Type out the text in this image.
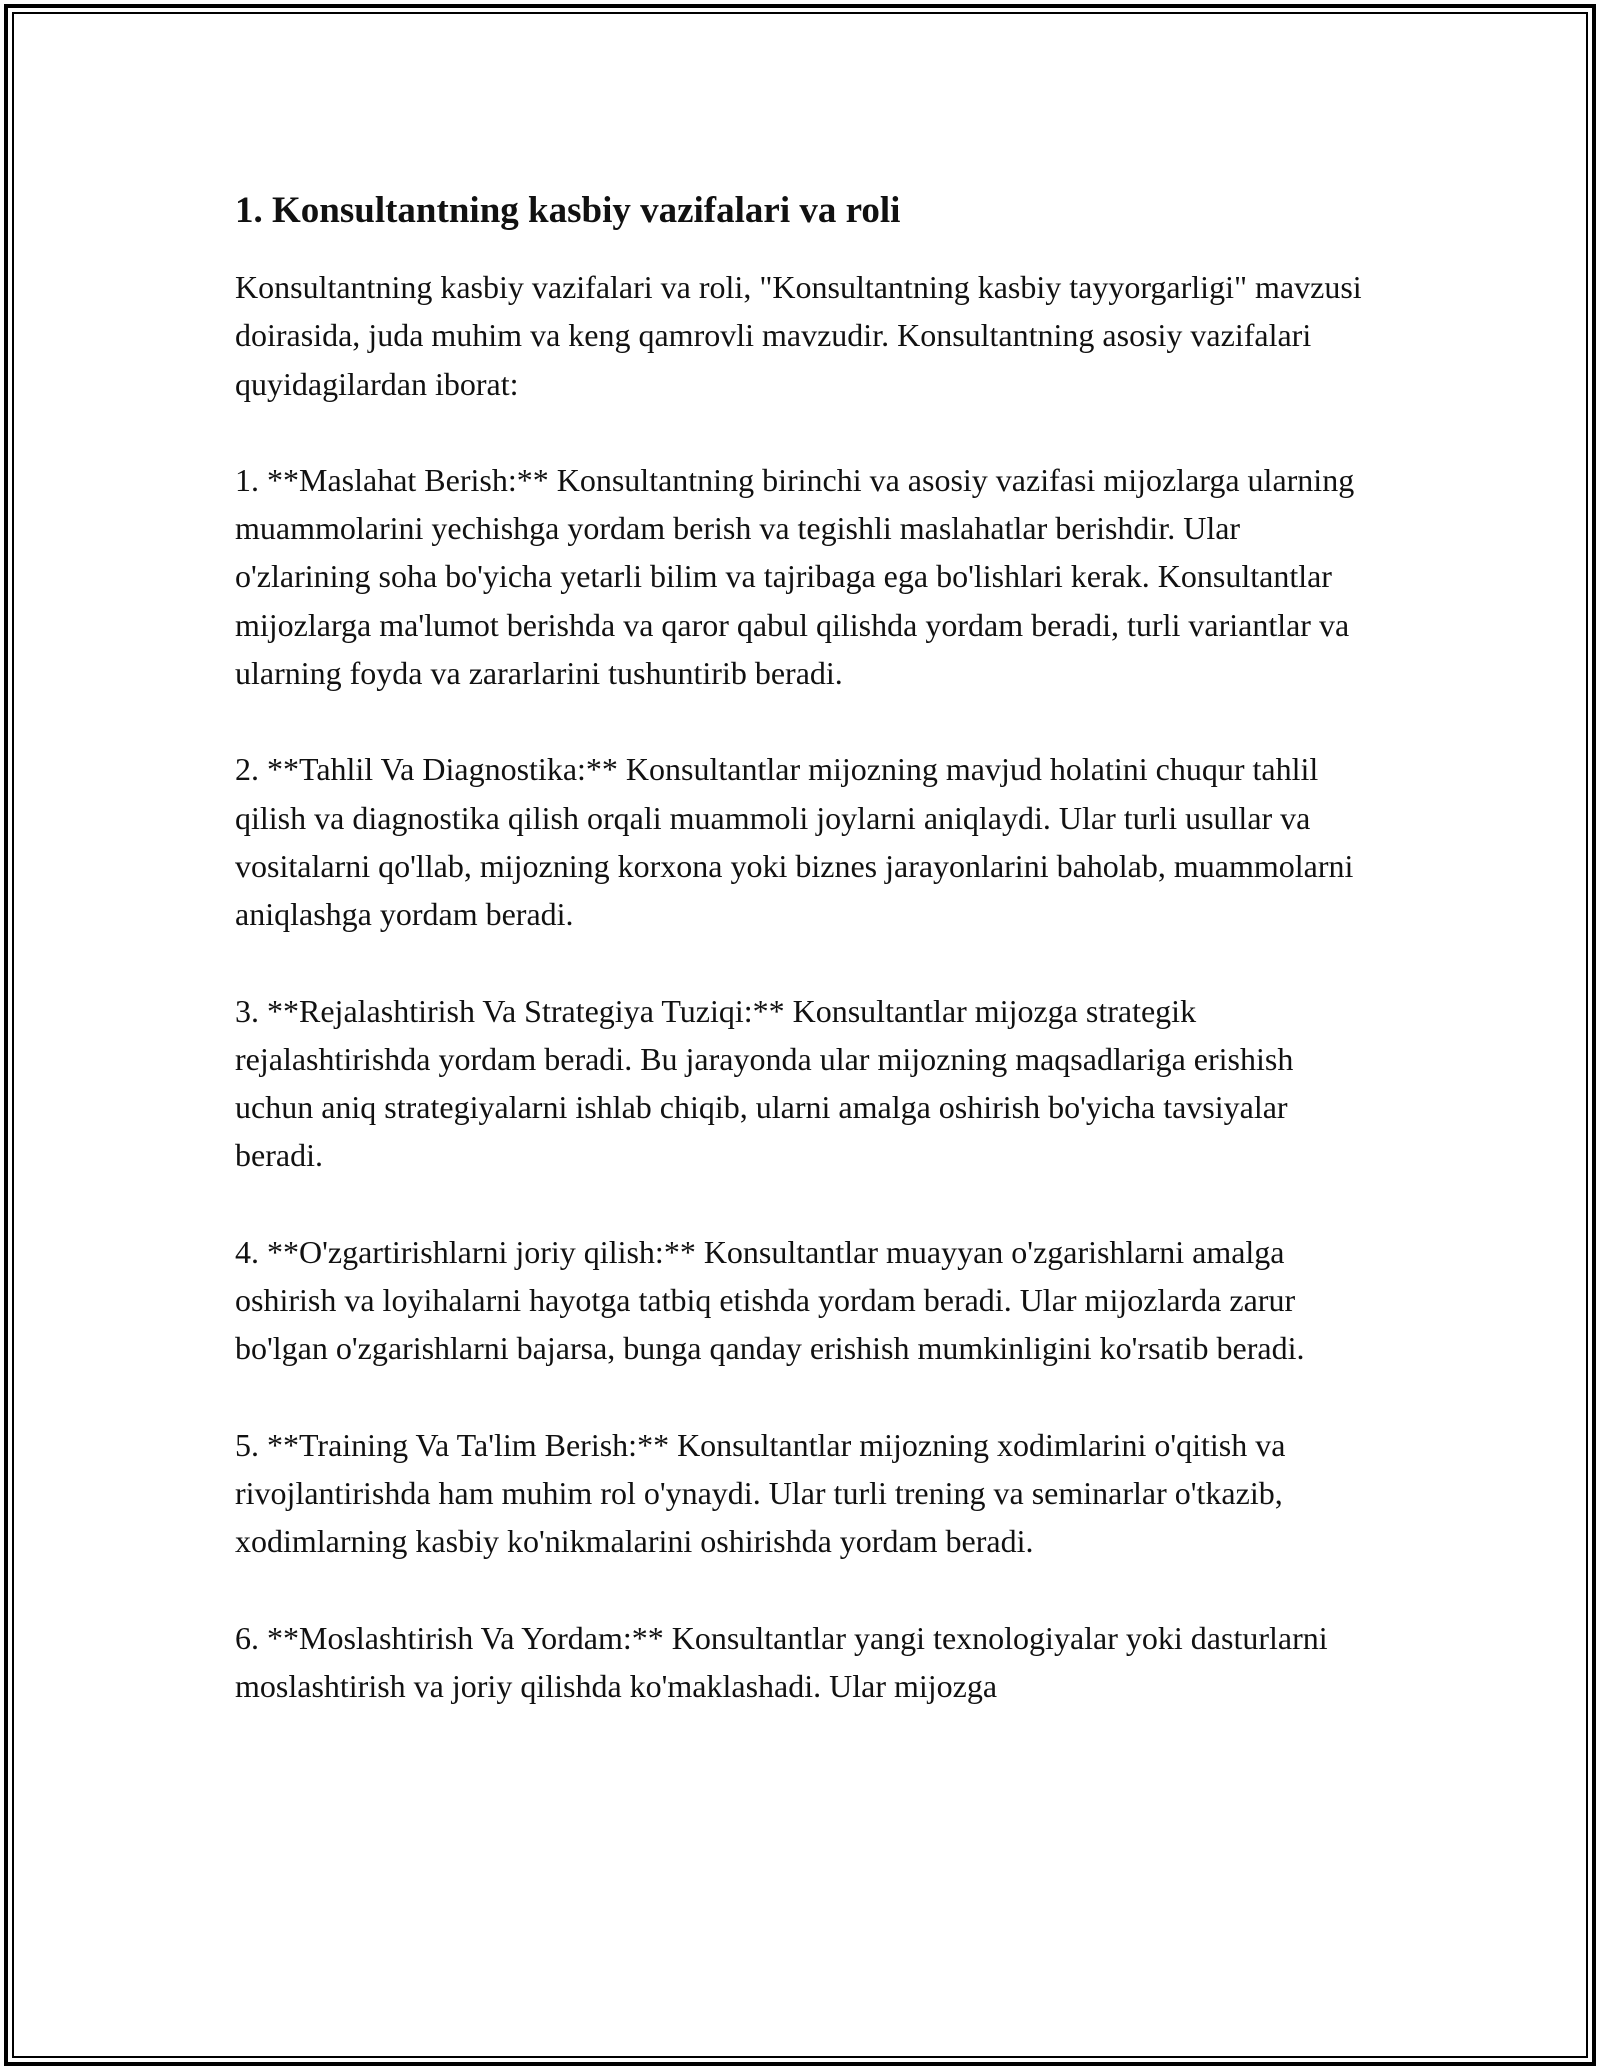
1. Konsultantning kasbiy vazifalari va roli

Konsultantning kasbiy vazifalari va roli, "Konsultantning kasbiy tayyorgarligi" mavzusi doirasida, juda muhim va keng qamrovli mavzudir. Konsultantning asosiy vazifalari quyidagilardan iborat:

1. **Maslahat Berish:** Konsultantning birinchi va asosiy vazifasi mijozlarga ularning muammolarini yechishga yordam berish va tegishli maslahatlar berishdir. Ular o'zlarining soha bo'yicha yetarli bilim va tajribaga ega bo'lishlari kerak. Konsultantlar mijozlarga ma'lumot berishda va qaror qabul qilishda yordam beradi, turli variantlar va ularning foyda va zararlarini tushuntirib beradi.

2. **Tahlil Va Diagnostika:** Konsultantlar mijozning mavjud holatini chuqur tahlil qilish va diagnostika qilish orqali muammoli joylarni aniqlaydi. Ular turli usullar va vositalarni qo'llab, mijozning korxona yoki biznes jarayonlarini baholab, muammolarni aniqlashga yordam beradi.

3. **Rejalashtirish Va Strategiya Tuziqi:** Konsultantlar mijozga strategik rejalashtirishda yordam beradi. Bu jarayonda ular mijozning maqsadlariga erishish uchun aniq strategiyalarni ishlab chiqib, ularni amalga oshirish bo'yicha tavsiyalar beradi.

4. **O'zgartirishlarni joriy qilish:** Konsultantlar muayyan o'zgarishlarni amalga oshirish va loyihalarni hayotga tatbiq etishda yordam beradi. Ular mijozlarda zarur bo'lgan o'zgarishlarni bajarsa, bunga qanday erishish mumkinligini ko'rsatib beradi.

5. **Training Va Ta'lim Berish:** Konsultantlar mijozning xodimlarini o'qitish va rivojlantirishda ham muhim rol o'ynaydi. Ular turli trening va seminarlar o'tkazib, xodimlarning kasbiy ko'nikmalarini oshirishda yordam beradi.

6. **Moslashtirish Va Yordam:** Konsultantlar yangi texnologiyalar yoki dasturlarni moslashtirish va joriy qilishda ko'maklashadi. Ular mijozga
